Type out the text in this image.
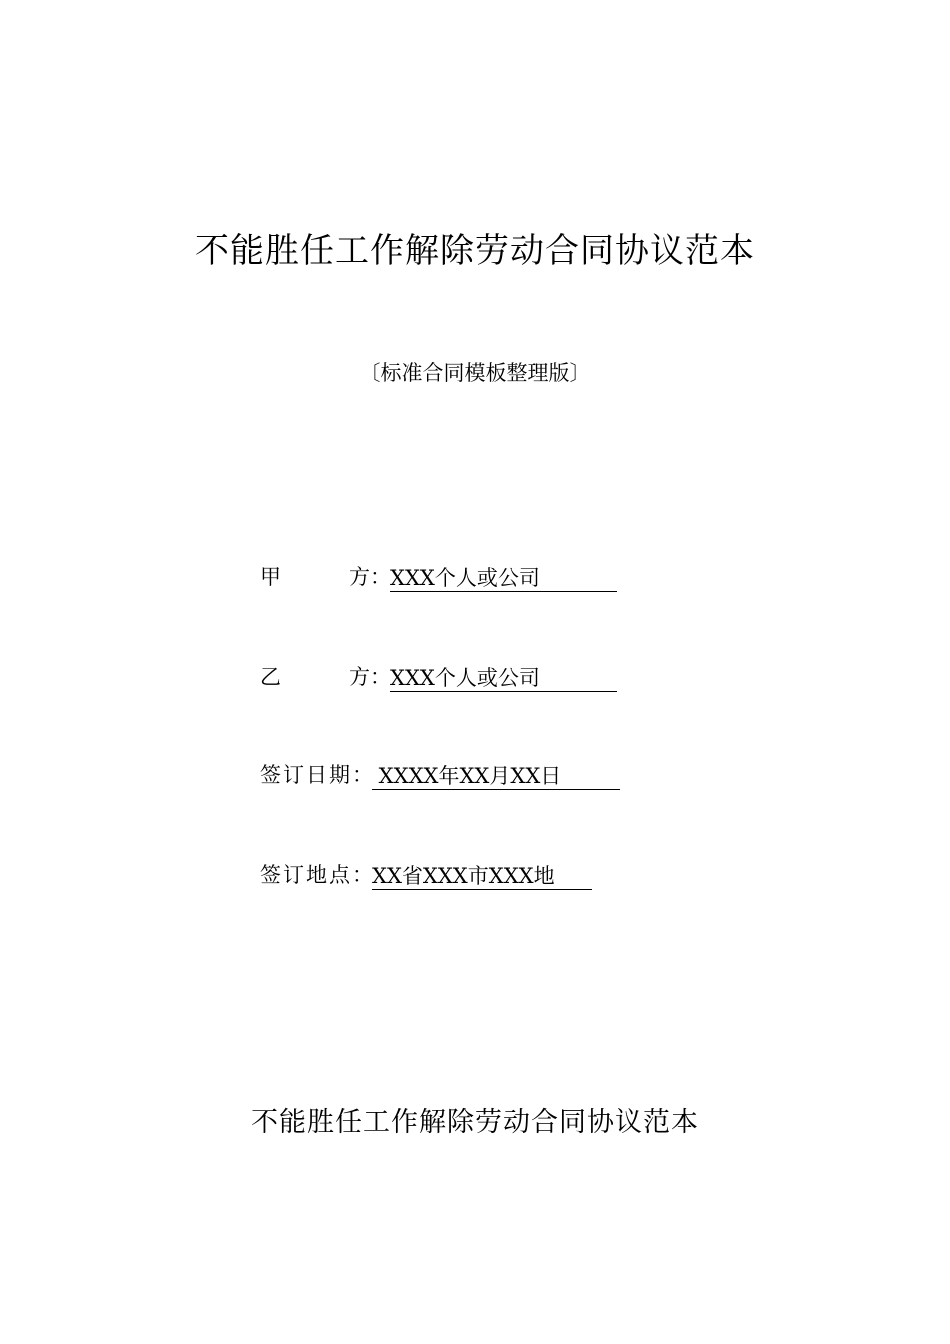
不能胜任工作解除劳动合同协议范本
〔标准合同模板整理版〕
甲	方 ： XXX个人或公司
乙	方 ： XXX个人或公司
签订日期 ： XXXX年XX月XX日
签订地点 ： XX省XXX市XXX地
不能胜任工作解除劳动合同协议范本
